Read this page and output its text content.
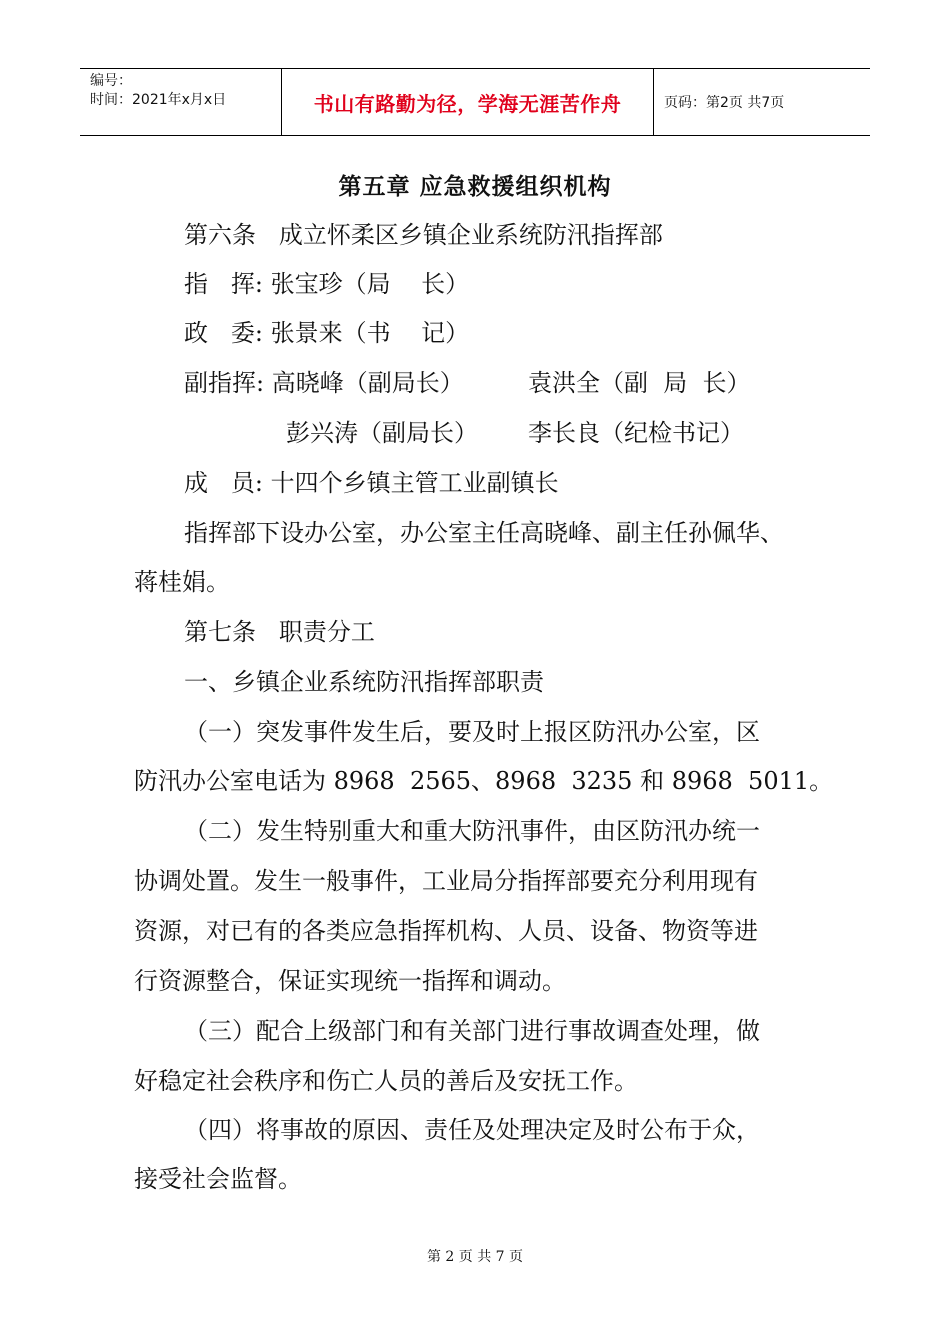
编号：
时间：2021年x月x日	书山有路勤为径，学海无涯苦作舟	页码：第2页 共7页
第五章 应急救援组织机构
第六条   成立怀柔区乡镇企业系统防汛指挥部
指   挥: 张宝珍（局    长）
政   委: 张景来（书    记）
副指挥: 高晓峰（副局长）	袁洪全（副  局  长）
彭兴涛（副局长） 李长良（纪检书记）
成   员: 十四个乡镇主管工业副镇长
指挥部下设办公室，办公室主任高晓峰、副主任孙佩华、
蒋桂娟。
第七条   职责分工
一、乡镇企业系统防汛指挥部职责
（一）突发事件发生后，要及时上报区防汛办公室，区
防汛办公室电话为 8968  2565、8968  3235 和 8968  5011。
（二）发生特别重大和重大防汛事件，由区防汛办统一
协调处置。发生一般事件，工业局分指挥部要充分利用现有
资源，对已有的各类应急指挥机构、人员、设备、物资等进
行资源整合，保证实现统一指挥和调动。
（三）配合上级部门和有关部门进行事故调查处理，做
好稳定社会秩序和伤亡人员的善后及安抚工作。
（四）将事故的原因、责任及处理决定及时公布于众，
接受社会监督。
第 2 页 共 7 页
